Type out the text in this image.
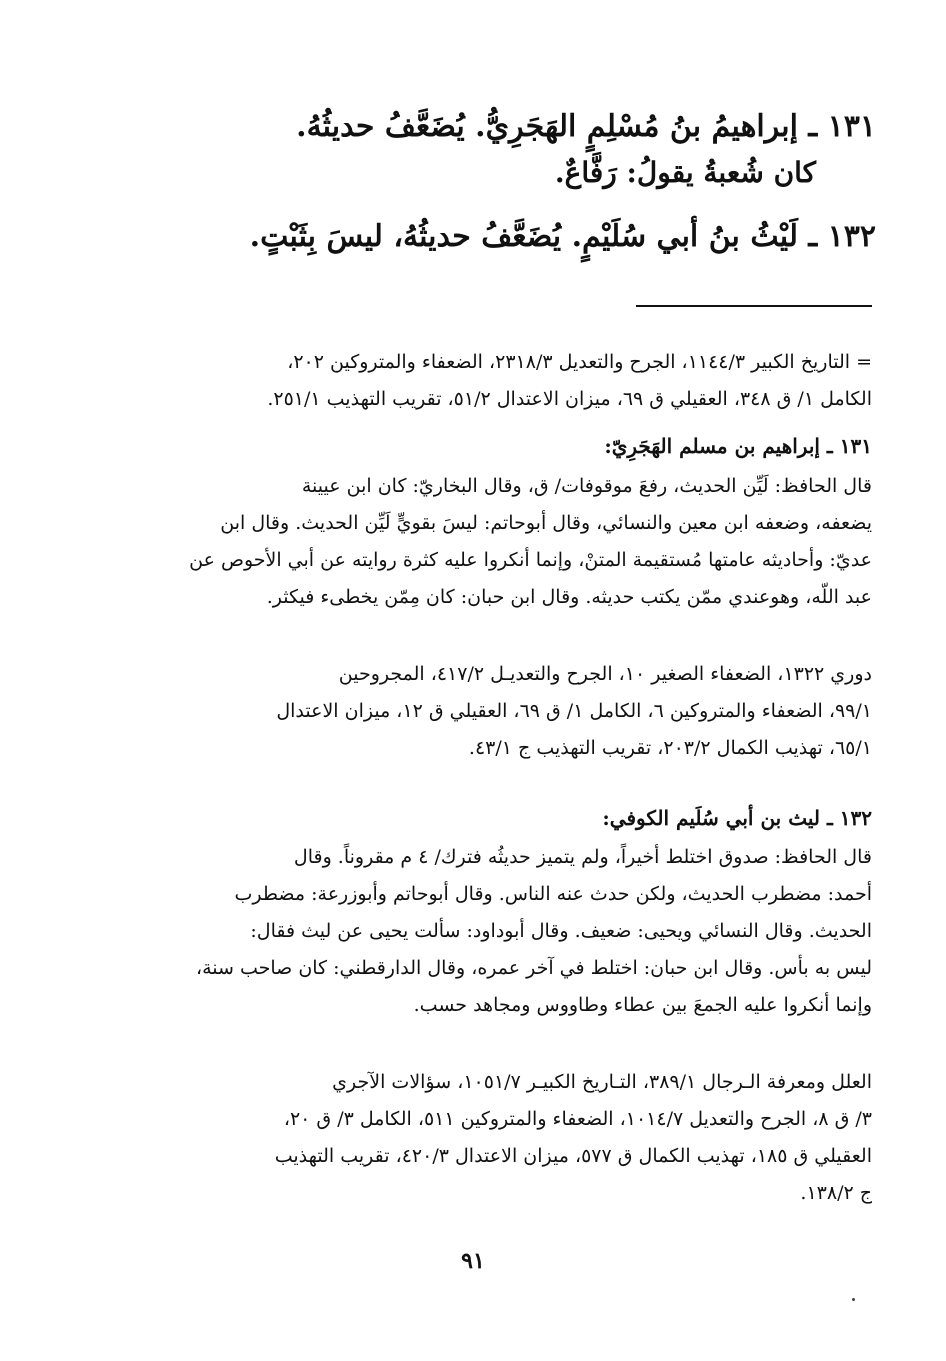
١٣١ ـ إبراهيمُ بنُ مُسْلِمٍ الهَجَرِيُّ. يُضَعَّفُ حديثُهُ.
كان شُعبةُ يقولُ: رَفَّاعٌ.
١٣٢ ـ لَيْثُ بنُ أبي سُلَيْمٍ. يُضَعَّفُ حديثُهُ، ليسَ بِثَبْتٍ.
= التاريخ الكبير ١١٤٤/٣، الجرح والتعديل ٢٣١٨/٣، الضعفاء والمتروكين ٢٠٢،
الكامل ١/ ق ٣٤٨، العقيلي ق ٦٩، ميزان الاعتدال ٥١/٢، تقريب التهذيب ٢٥١/١.
١٣١ ـ إبراهيم بن مسلم الهَجَرِيّ:
قال الحافظ: لَيِّن الحديث، رفعَ موقوفات/ ق، وقال البخاريّ: كان ابن عيينة
يضعفه، وضعفه ابن معين والنسائي، وقال أبوحاتم: ليسَ بقويٍّ لَيِّن الحديث. وقال ابن
عديّ: وأحاديثه عامتها مُستقيمة المتنْ، وإنما أنكروا عليه كثرة روايته عن أبي الأحوص عن
عبد اللّه، وهوعندي ممّن يكتب حديثه. وقال ابن حبان: كان مِمّن يخطىء فيكثر.
دوري ١٣٢٢، الضعفاء الصغير ١٠، الجرح والتعديـل ٤١٧/٢، المجروحين
٩٩/١، الضعفاء والمتروكين ٦، الكامل ١/ ق ٦٩، العقيلي ق ١٢، ميزان الاعتدال
٦٥/١، تهذيب الكمال ٢٠٣/٢، تقريب التهذيب ج ٤٣/١.
١٣٢ ـ ليث بن أبي سُلَيم الكوفي:
قال الحافظ: صدوق اختلط أخيراً، ولم يتميز حديثُه فترك/ ٤ م مقروناً. وقال
أحمد: مضطرب الحديث، ولكن حدث عنه الناس. وقال أبوحاتم وأبوزرعة: مضطرب
الحديث. وقال النسائي ويحيى: ضعيف. وقال أبوداود: سألت يحيى عن ليث فقال:
ليس به بأس. وقال ابن حبان: اختلط في آخر عمره، وقال الدارقطني: كان صاحب سنة،
وإنما أنكروا عليه الجمعَ بين عطاء وطاووس ومجاهد حسب.
العلل ومعرفة الـرجال ٣٨٩/١، التـاريخ الكبيـر ١٠٥١/٧، سؤالات الآجري
٣/ ق ٨، الجرح والتعديل ١٠١٤/٧، الضعفاء والمتروكين ٥١١، الكامل ٣/ ق ٢٠،
العقيلي ق ١٨٥، تهذيب الكمال ق ٥٧٧، ميزان الاعتدال ٤٢٠/٣، تقريب التهذيب
ج ١٣٨/٢.
٩١
